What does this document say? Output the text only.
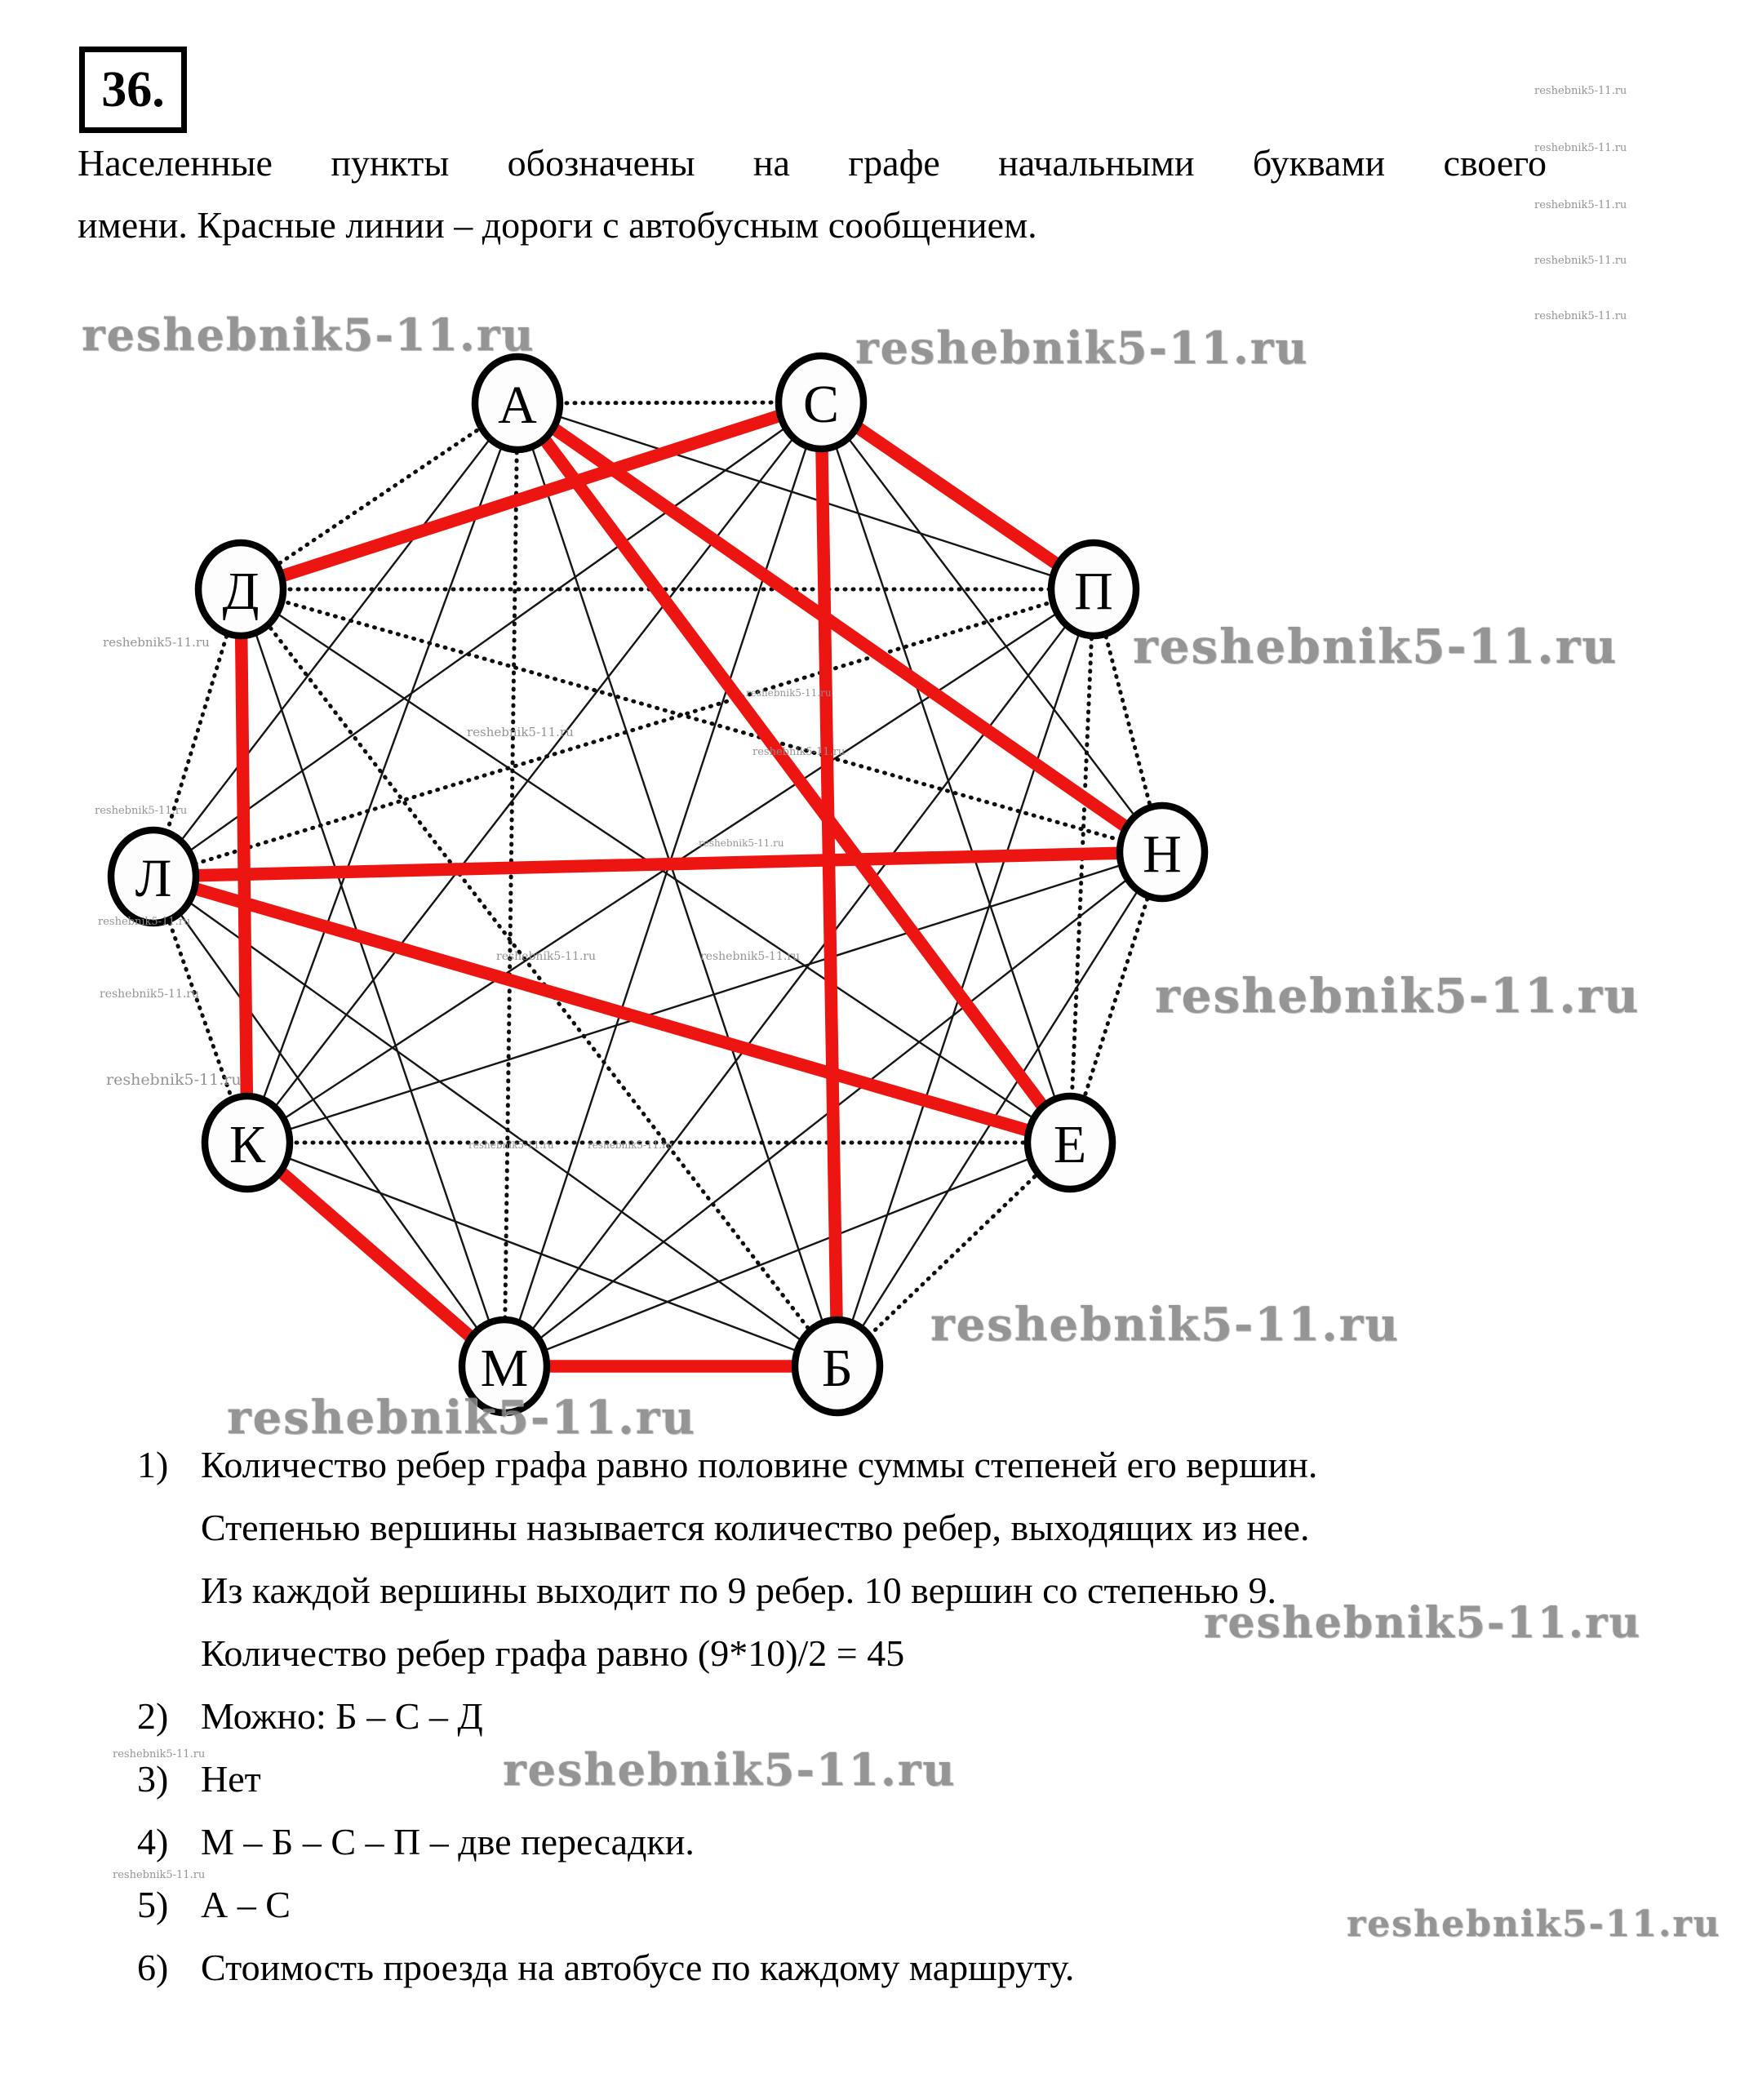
36.
Населенные пункты обозначены на графе начальными буквами своего
имени. Красные линии – дороги с автобусным сообщением.
А	С
Д	П
Л	Н
К	Е
М	Б
reshebnik5-11.ru	reshebnik5-11.ru
reshebnik5-11.ru
reshebnik5-11.ru
reshebnik5-11.ru
reshebnik5-11.ru
reshebnik5-11.ru
reshebnik5-11.ru
reshebnik5-11.ru
reshebnik5-11.ru
reshebnik5-11.ru
reshebnik5-11.ru
reshebnik5-11.ru
reshebnik5-11.ru
reshebnik5-11.ru
reshebnik5-11.ru
reshebnik5-11.ru
reshebnik5-11.ru
reshebnik5-11.ru
reshebnik5-11.ru
reshebnik5-11.ru
reshebnik5-11.ru
reshebnik5-11.ru
reshebnik5-11.ru	reshebnik5-11.ru
reshebnik5-11.ru	reshebnik5-11.ru
reshebnik5-11.ru
reshebnik5-11.ru
1) Количество ребер графа равно половине суммы степеней его вершин.
Степенью вершины называется количество ребер, выходящих из нее.
Из каждой вершины выходит по 9 ребер. 10 вершин со степенью 9.
Количество ребер графа равно (9*10)/2 = 45
2) Можно: Б – С – Д
3) Нет
4) М – Б – С – П – две пересадки.
5) А – С
6) Стоимость проезда на автобусе по каждому маршруту.
